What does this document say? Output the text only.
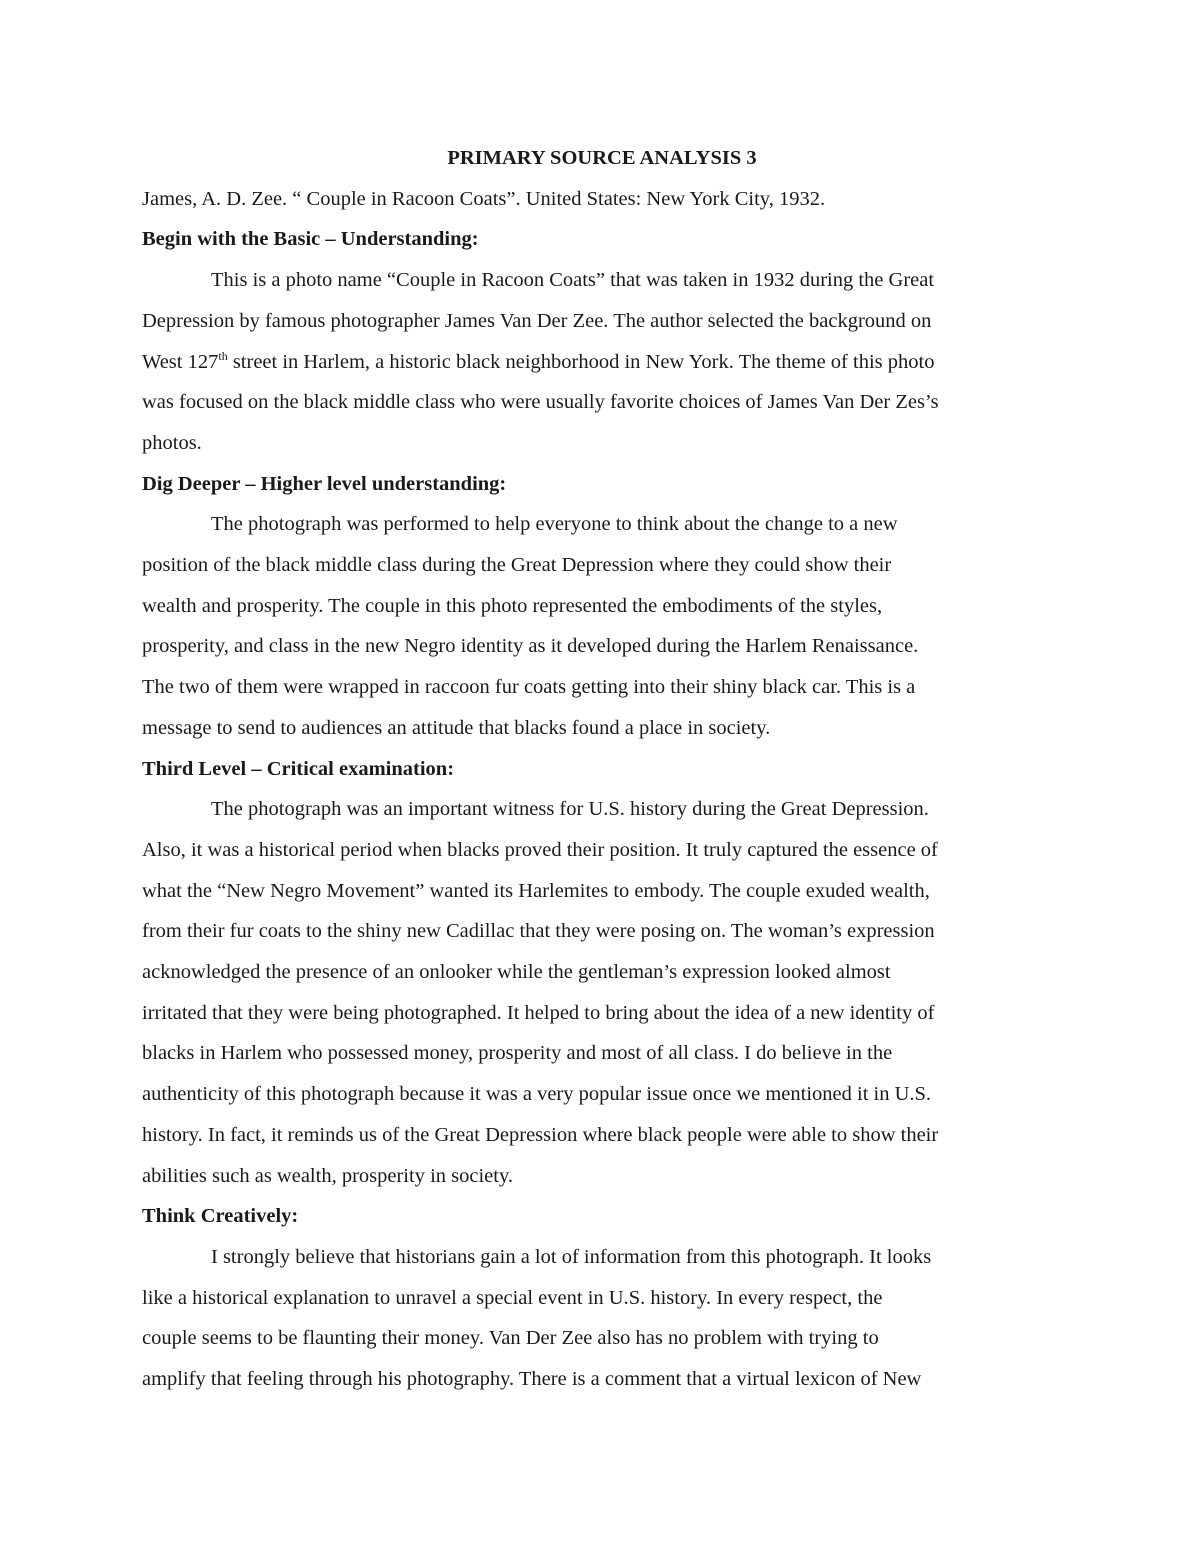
PRIMARY SOURCE ANALYSIS 3

James, A. D. Zee. “ Couple in Racoon Coats”. United States: New York City, 1932.

Begin with the Basic – Understanding:

This is a photo name “Couple in Racoon Coats” that was taken in 1932 during the Great
Depression by famous photographer James Van Der Zee. The author selected the background on
West 127th street in Harlem, a historic black neighborhood in New York. The theme of this photo
was focused on the black middle class who were usually favorite choices of James Van Der Zes’s
photos.

Dig Deeper – Higher level understanding:

The photograph was performed to help everyone to think about the change to a new
position of the black middle class during the Great Depression where they could show their
wealth and prosperity. The couple in this photo represented the embodiments of the styles,
prosperity, and class in the new Negro identity as it developed during the Harlem Renaissance.
The two of them were wrapped in raccoon fur coats getting into their shiny black car. This is a
message to send to audiences an attitude that blacks found a place in society.

Third Level – Critical examination:

The photograph was an important witness for U.S. history during the Great Depression.
Also, it was a historical period when blacks proved their position. It truly captured the essence of
what the “New Negro Movement” wanted its Harlemites to embody. The couple exuded wealth,
from their fur coats to the shiny new Cadillac that they were posing on. The woman’s expression
acknowledged the presence of an onlooker while the gentleman’s expression looked almost
irritated that they were being photographed. It helped to bring about the idea of a new identity of
blacks in Harlem who possessed money, prosperity and most of all class. I do believe in the
authenticity of this photograph because it was a very popular issue once we mentioned it in U.S.
history. In fact, it reminds us of the Great Depression where black people were able to show their
abilities such as wealth, prosperity in society.

Think Creatively:

I strongly believe that historians gain a lot of information from this photograph. It looks
like a historical explanation to unravel a special event in U.S. history. In every respect, the
couple seems to be flaunting their money. Van Der Zee also has no problem with trying to
amplify that feeling through his photography. There is a comment that a virtual lexicon of New
